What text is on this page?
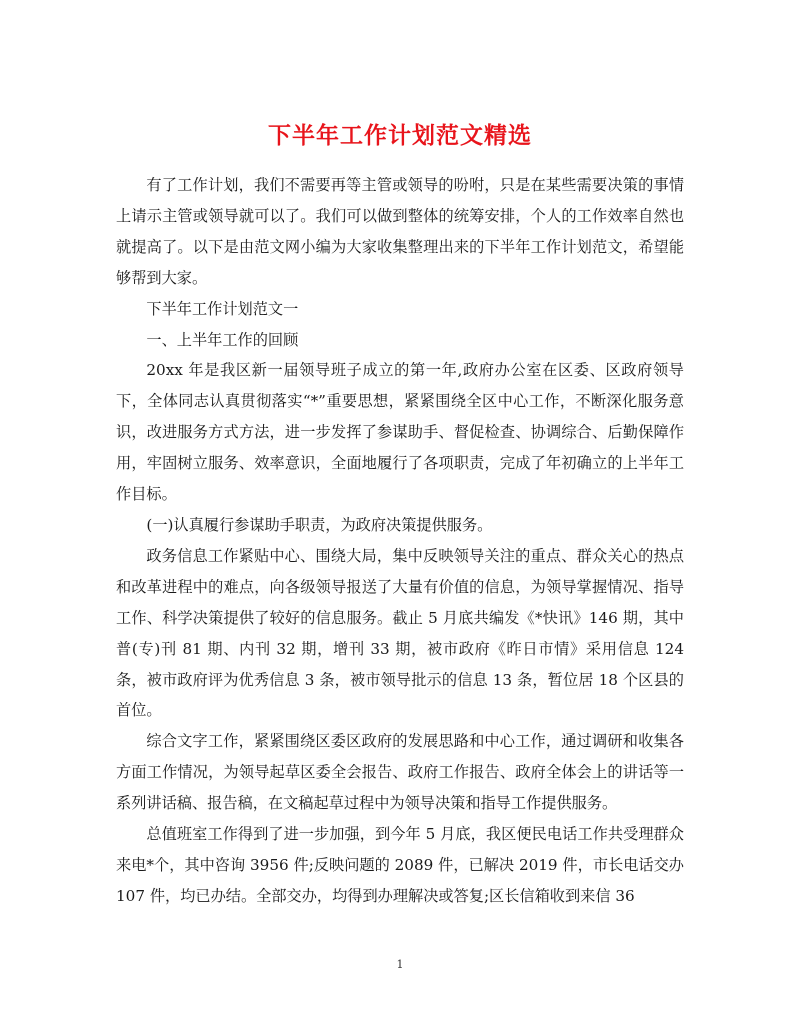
下半年工作计划范文精选

有了工作计划，我们不需要再等主管或领导的吩咐，只是在某些需要决策的事情上请示主管或领导就可以了。我们可以做到整体的统筹安排，个人的工作效率自然也就提高了。以下是由范文网小编为大家收集整理出来的下半年工作计划范文，希望能够帮到大家。

下半年工作计划范文一

一、上半年工作的回顾

20xx 年是我区新一届领导班子成立的第一年,政府办公室在区委、区政府领导下，全体同志认真贯彻落实“*”重要思想，紧紧围绕全区中心工作，不断深化服务意识，改进服务方式方法，进一步发挥了参谋助手、督促检查、协调综合、后勤保障作用，牢固树立服务、效率意识，全面地履行了各项职责，完成了年初确立的上半年工作目标。

(一)认真履行参谋助手职责，为政府决策提供服务。

政务信息工作紧贴中心、围绕大局，集中反映领导关注的重点、群众关心的热点和改革进程中的难点，向各级领导报送了大量有价值的信息，为领导掌握情况、指导工作、科学决策提供了较好的信息服务。截止 5 月底共编发《*快讯》146 期，其中普(专)刊 81 期、内刊 32 期，增刊 33 期，被市政府《昨日市情》采用信息 124 条，被市政府评为优秀信息 3 条，被市领导批示的信息 13 条，暂位居 18 个区县的首位。

综合文字工作，紧紧围绕区委区政府的发展思路和中心工作，通过调研和收集各方面工作情况，为领导起草区委全会报告、政府工作报告、政府全体会上的讲话等一系列讲话稿、报告稿，在文稿起草过程中为领导决策和指导工作提供服务。

总值班室工作得到了进一步加强，到今年 5 月底，我区便民电话工作共受理群众来电*个，其中咨询 3956 件;反映问题的 2089 件，已解决 2019 件，市长电话交办 107 件，均已办结。全部交办，均得到办理解决或答复;区长信箱收到来信 36

1
